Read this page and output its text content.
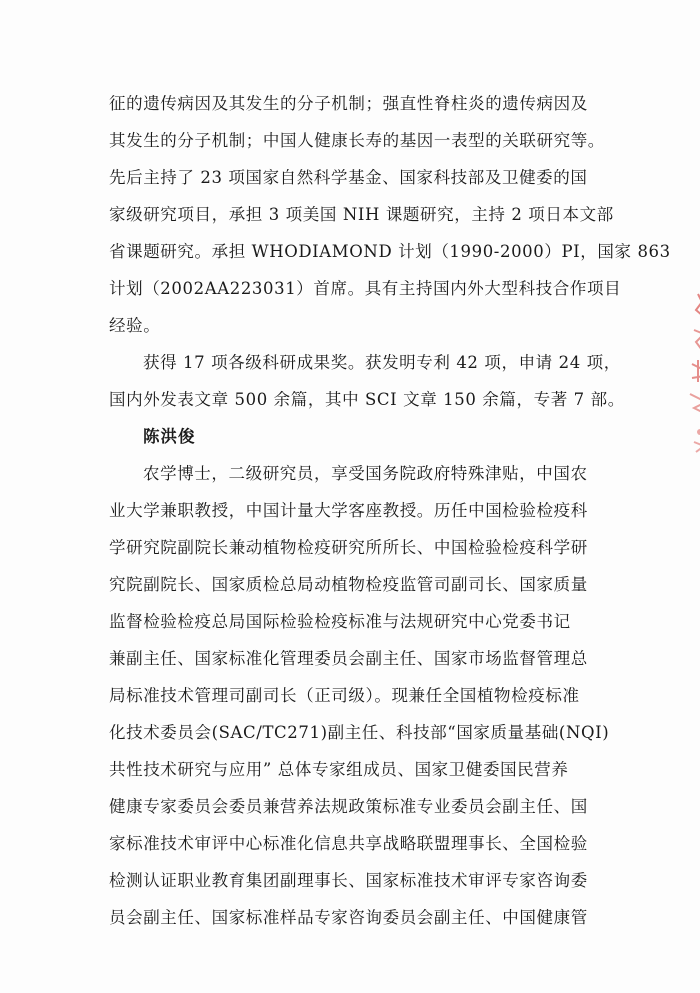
征的遗传病因及其发生的分子机制；强直性脊柱炎的遗传病因及
其发生的分子机制；中国人健康长寿的基因一表型的关联研究等。
先后主持了 23 项国家自然科学基金、国家科技部及卫健委的国
家级研究项目，承担 3 项美国 NIH 课题研究，主持 2 项日本文部
省课题研究。承担 WHODIAMOND 计划（1990-2000）PI，国家 863
计划（2002AA223031）首席。具有主持国内外大型科技合作项目
经验。
获得 17 项各级科研成果奖。获发明专利 42 项，申请 24 项，
国内外发表文章 500 余篇，其中 SCI 文章 150 余篇，专著 7 部。
陈洪俊
农学博士，二级研究员，享受国务院政府特殊津贴，中国农
业大学兼职教授，中国计量大学客座教授。历任中国检验检疫科
学研究院副院长兼动植物检疫研究所所长、中国检验检疫科学研
究院副院长、国家质检总局动植物检疫监管司副司长、国家质量
监督检验检疫总局国际检验检疫标准与法规研究中心党委书记
兼副主任、国家标准化管理委员会副主任、国家市场监督管理总
局标准技术管理司副司长（正司级）。现兼任全国植物检疫标准
化技术委员会(SAC/TC271)副主任、科技部“国家质量基础(NQI)
共性技术研究与应用” 总体专家组成员、国家卫健委国民营养
健康专家委员会委员兼营养法规政策标准专业委员会副主任、国
家标准技术审评中心标准化信息共享战略联盟理事长、全国检验
检测认证职业教育集团副理事长、国家标准技术审评专家咨询委
员会副主任、国家标准样品专家咨询委员会副主任、中国健康管
